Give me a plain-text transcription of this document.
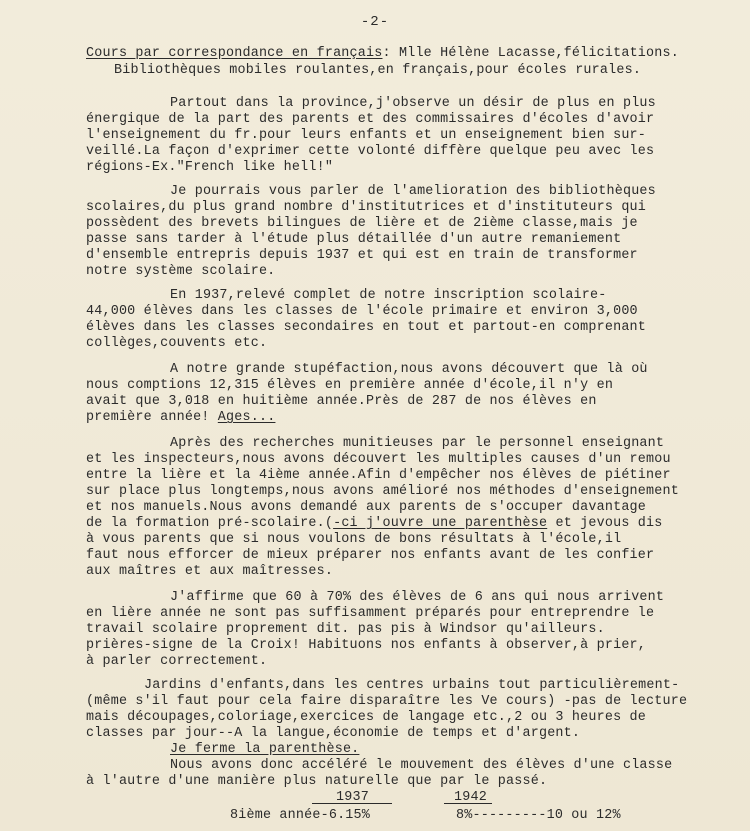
-2-
Cours par correspondance en français: Mlle Hélène Lacasse,félicitations.
Bibliothèques mobiles roulantes,en français,pour écoles rurales.
Partout dans la province,j'observe un désir de plus en plus
énergique de la part des parents et des commissaires d'écoles d'avoir
l'enseignement du fr.pour leurs enfants et un enseignement bien sur-
veillé.La façon d'exprimer cette volonté diffère quelque peu avec les
régions-Ex."French like hell!"
Je pourrais vous parler de l'amelioration des bibliothèques
scolaires,du plus grand nombre d'institutrices et d'instituteurs qui
possèdent des brevets bilingues de lière et de 2ième classe,mais je
passe sans tarder à l'étude plus détaillée d'un autre remaniement
d'ensemble entrepris depuis 1937 et qui est en train de transformer
notre système scolaire.
En 1937,relevé complet de notre inscription scolaire-
44,000 élèves dans les classes de l'école primaire et environ 3,000
élèves dans les classes secondaires en tout et partout-en comprenant
collèges,couvents etc.
A notre grande stupéfaction,nous avons découvert que là où
nous comptions 12,315 élèves en première année d'école,il n'y en
avait que 3,018 en huitième année.Près de 287 de nos élèves en
première année! Ages...
Après des recherches munitieuses par le personnel enseignant
et les inspecteurs,nous avons découvert les multiples causes d'un remou
entre la lière et la 4ième année.Afin d'empêcher nos élèves de piétiner
sur place plus longtemps,nous avons amélioré nos méthodes d'enseignement
et nos manuels.Nous avons demandé aux parents de s'occuper davantage
de la formation pré-scolaire.(-ci j'ouvre une parenthèse et jevous dis
à vous parents que si nous voulons de bons résultats à l'école,il
faut nous efforcer de mieux préparer nos enfants avant de les confier
aux maîtres et aux maîtresses.
J'affirme que 60 à 70% des élèves de 6 ans qui nous arrivent
en lière année ne sont pas suffisamment préparés pour entreprendre le
travail scolaire proprement dit. pas pis à Windsor qu'ailleurs.
prières-signe de la Croix! Habituons nos enfants à observer,à prier,
à parler correctement.
Jardins d'enfants,dans les centres urbains tout particulièrement-
(même s'il faut pour cela faire disparaître les Ve cours) -pas de lecture
mais découpages,coloriage,exercices de langage etc.,2 ou 3 heures de
classes par jour--A la langue,économie de temps et d'argent.
Je ferme la parenthèse.
Nous avons donc accéléré le mouvement des élèves d'une classe
à l'autre d'une manière plus naturelle que par le passé.
1937	1942
8ième année-6.15%	8%---------10 ou 12%
